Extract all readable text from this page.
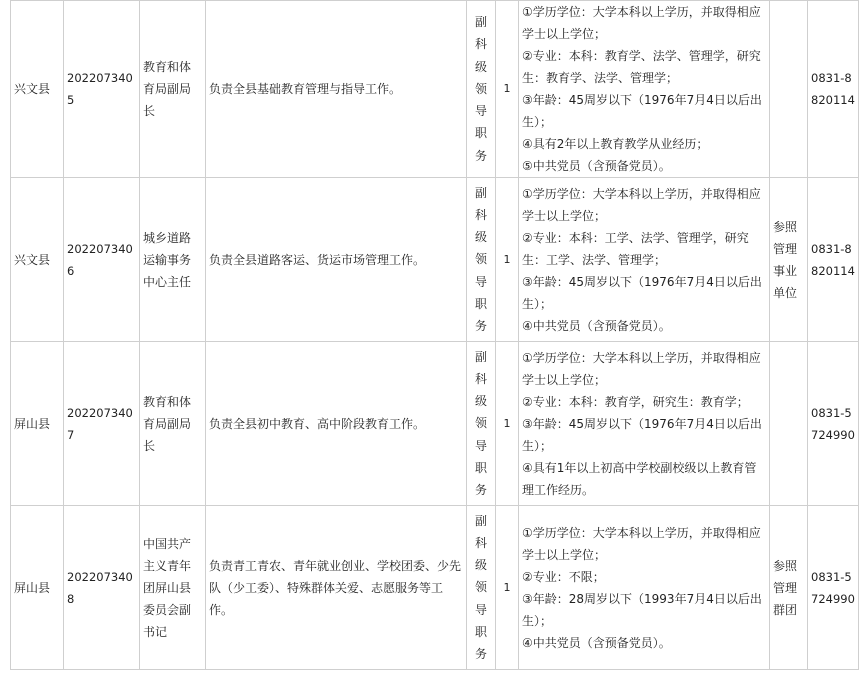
兴文县	2022073405	教育和体育局副局长	负责全县基础教育管理与指导工作。	副科级领导职务	1	①学历学位：大学本科以上学历，并取得相应学士以上学位；
②专业：本科：教育学、法学、管理学，研究生：教育学、法学、管理学；
③年龄：45周岁以下（1976年7月4日以后出生）；
④具有2年以上教育教学从业经历；
⑤中共党员（含预备党员）。		0831-8820114
兴文县	2022073406	城乡道路运输事务中心主任	负责全县道路客运、货运市场管理工作。	副科级领导职务	1	①学历学位：大学本科以上学历，并取得相应学士以上学位；
②专业：本科：工学、法学、管理学，研究生：工学、法学、管理学；
③年龄：45周岁以下（1976年7月4日以后出生）；
④中共党员（含预备党员）。	参照管理事业单位	0831-8820114
屏山县	2022073407	教育和体育局副局长	负责全县初中教育、高中阶段教育工作。	副科级领导职务	1	①学历学位：大学本科以上学历，并取得相应学士以上学位；
②专业：本科：教育学，研究生：教育学；
③年龄：45周岁以下（1976年7月4日以后出生）；
④具有1年以上初高中学校副校级以上教育管理工作经历。		0831-5724990
屏山县	2022073408	中国共产主义青年团屏山县委员会副书记	负责青工青农、青年就业创业、学校团委、少先队（少工委）、特殊群体关爱、志愿服务等工作。	副科级领导职务	1	①学历学位：大学本科以上学历，并取得相应学士以上学位；
②专业：不限；
③年龄：28周岁以下（1993年7月4日以后出生）；
④中共党员（含预备党员）。	参照管理群团	0831-5724990
